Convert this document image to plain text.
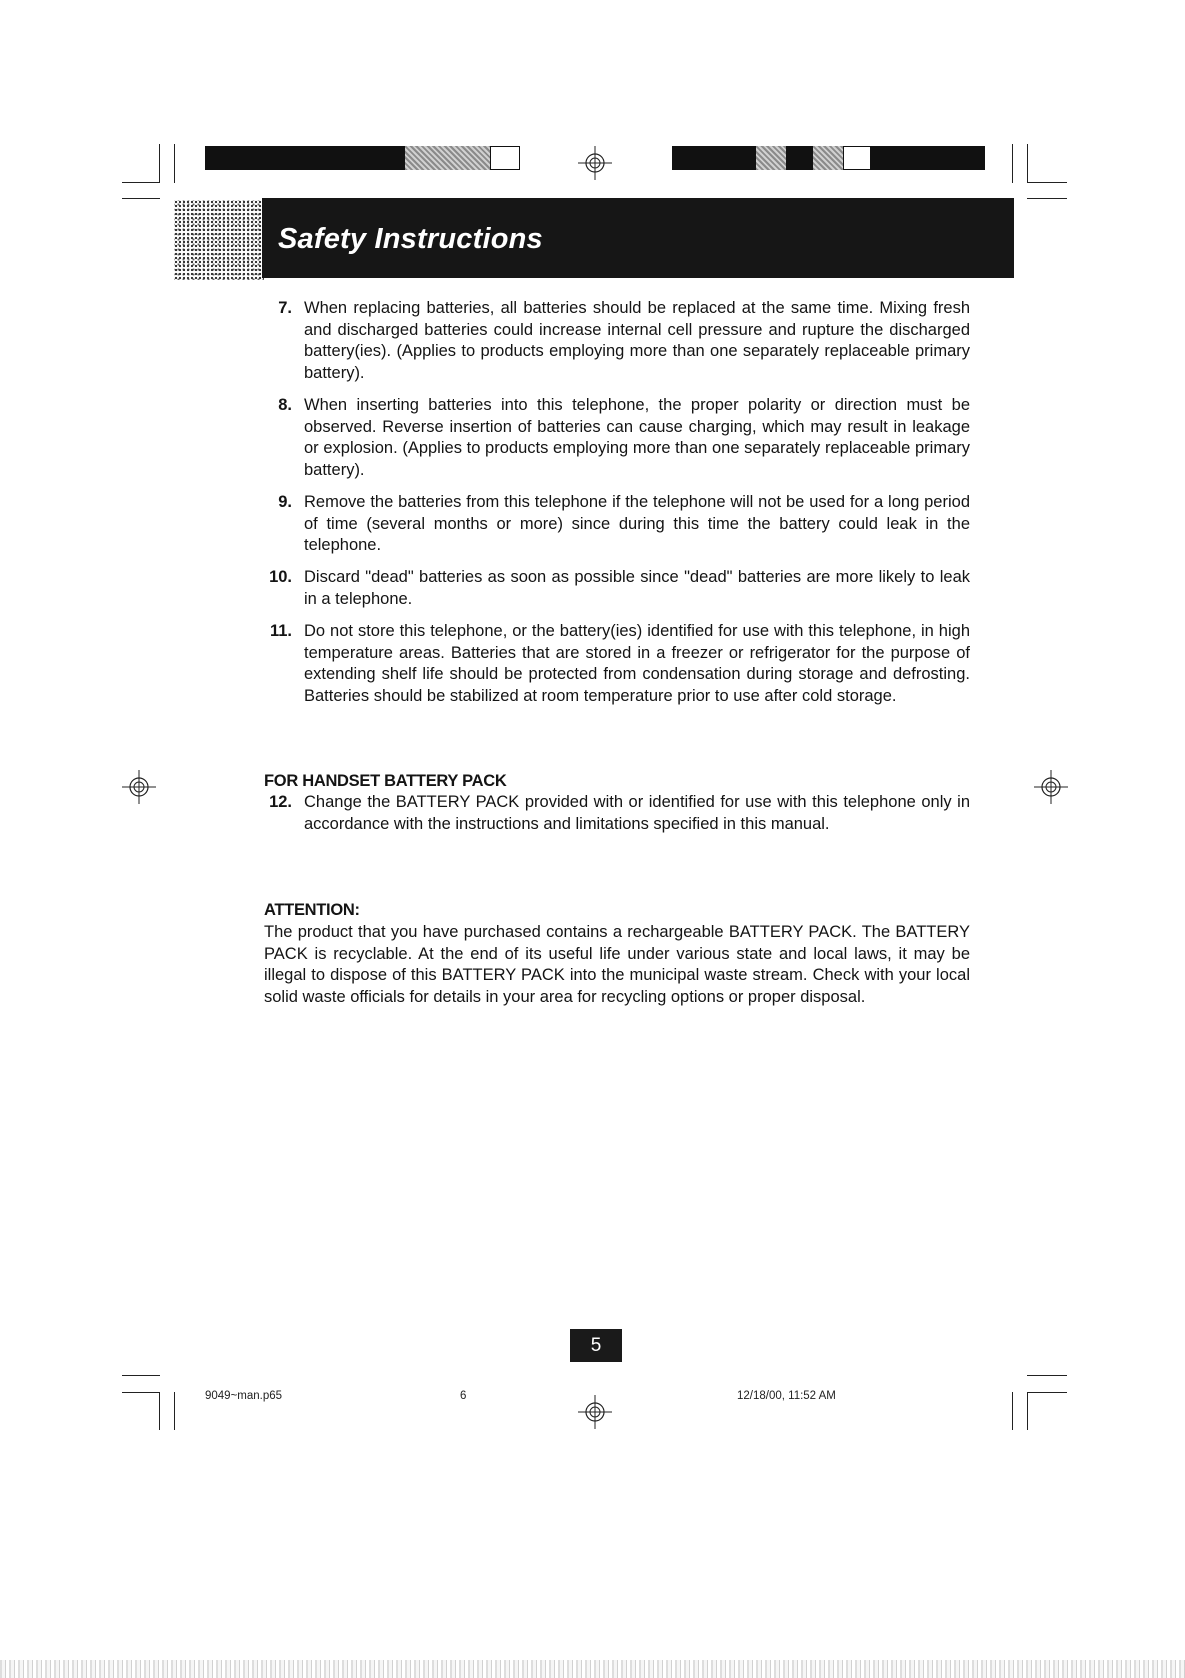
Safety Instructions
7. When replacing batteries, all batteries should be replaced at the same time. Mixing fresh and discharged batteries could increase internal cell pressure and rupture the discharged battery(ies). (Applies to products employing more than one separately replaceable primary battery).
8. When inserting batteries into this telephone, the proper polarity or direction must be observed. Reverse insertion of batteries can cause charging, which may result in leakage or explosion. (Applies to products employing more than one separately replaceable primary battery).
9. Remove the batteries from this telephone if the telephone will not be used for a long period of time (several months or more) since during this time the battery could leak in the telephone.
10. Discard "dead" batteries as soon as possible since "dead" batteries are more likely to leak in a telephone.
11. Do not store this telephone, or the battery(ies) identified for use with this telephone, in high temperature areas. Batteries that are stored in a freezer or refrigerator for the purpose of extending shelf life should be protected from condensation during storage and defrosting. Batteries should be stabilized at room temperature prior to use after cold storage.
FOR HANDSET BATTERY PACK
12. Change the BATTERY PACK provided with or identified for use with this telephone only in accordance with the instructions and limitations specified in this manual.
ATTENTION:
The product that you have purchased contains a rechargeable BATTERY PACK. The BATTERY PACK is recyclable. At the end of its useful life under various state and local laws, it may be illegal to dispose of this BATTERY PACK into the municipal waste stream. Check with your local solid waste officials for details in your area for recycling options or proper disposal.
5
9049~man.p65	6	12/18/00, 11:52 AM
